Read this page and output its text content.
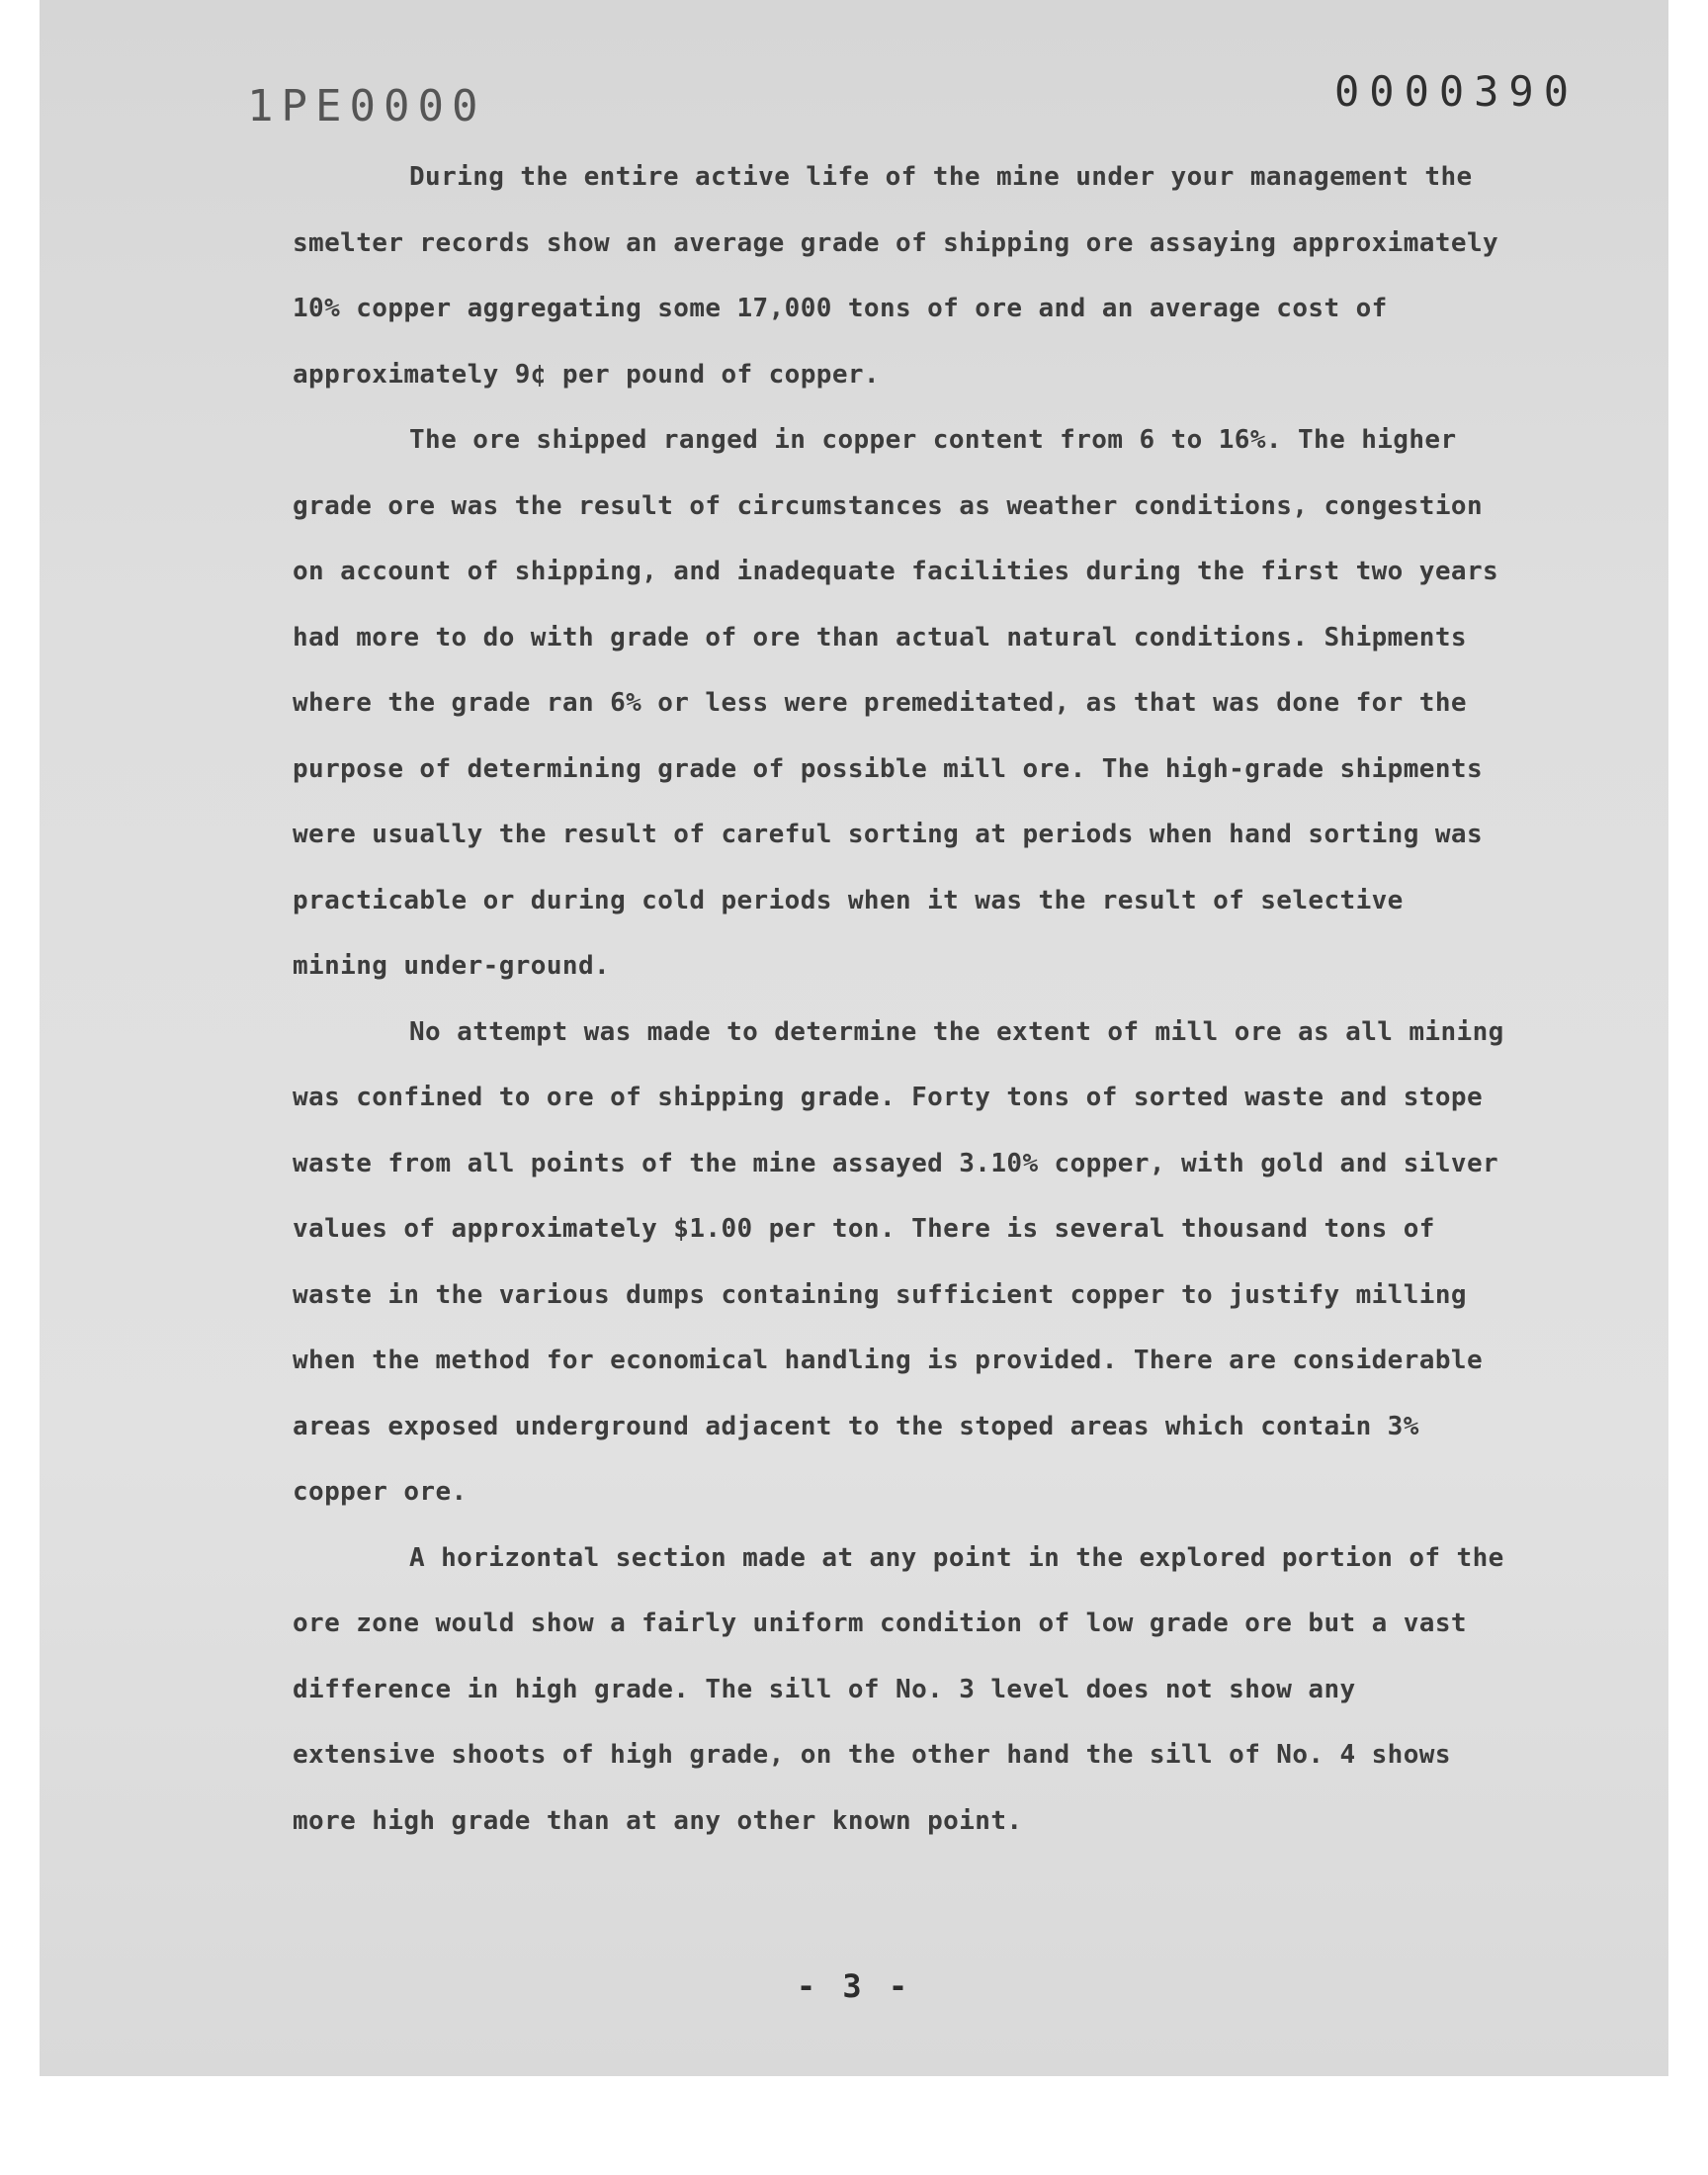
1PE0000	0000390

During the entire active life of the mine under your management the smelter records show an average grade of shipping ore assaying approximately 10% copper aggregating some 17,000 tons of ore and an average cost of approximately 9¢ per pound of copper.

The ore shipped ranged in copper content from 6 to 16%. The higher grade ore was the result of circumstances as weather conditions, congestion on account of shipping, and inadequate facilities during the first two years had more to do with grade of ore than actual natural conditions. Shipments where the grade ran 6% or less were premeditated, as that was done for the purpose of determining grade of possible mill ore. The high-grade shipments were usually the result of careful sorting at periods when hand sorting was practicable or during cold periods when it was the result of selective mining under-ground.

No attempt was made to determine the extent of mill ore as all mining was confined to ore of shipping grade. Forty tons of sorted waste and stope waste from all points of the mine assayed 3.10% copper, with gold and silver values of approximately $1.00 per ton. There is several thousand tons of waste in the various dumps containing sufficient copper to justify milling when the method for economical handling is provided. There are considerable areas exposed underground adjacent to the stoped areas which contain 3% copper ore.

A horizontal section made at any point in the explored portion of the ore zone would show a fairly uniform condition of low grade ore but a vast difference in high grade. The sill of No. 3 level does not show any extensive shoots of high grade, on the other hand the sill of No. 4 shows more high grade than at any other known point.

- 3 -
